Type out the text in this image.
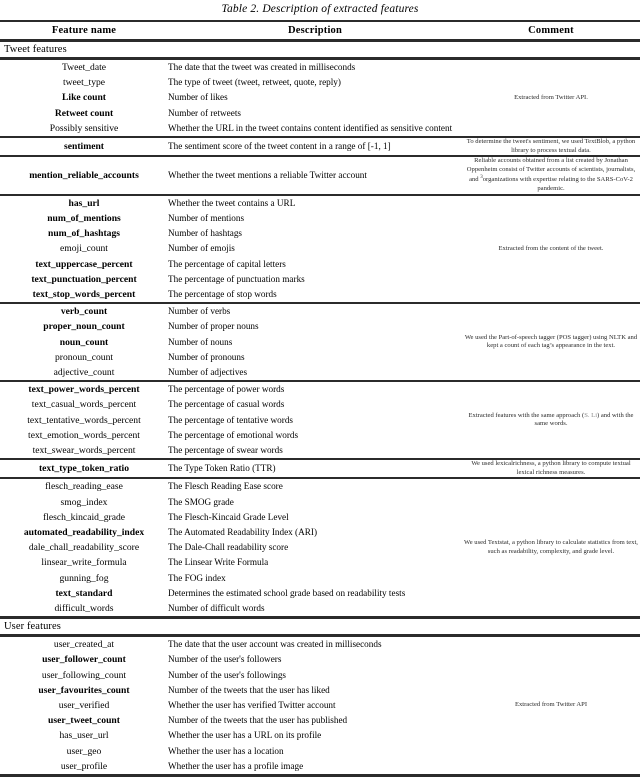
Table 2. Description of extracted features
Feature name	Description	Comment

Tweet features		

Tweet_date	The date that the tweet was created in milliseconds	Extracted from Twitter API.
tweet_type	The type of tweet (tweet, retweet, quote, reply)	
Like count	Number of likes	
Retweet count	Number of retweets	
Possibly sensitive	Whether the URL in the tweet contains content identified as sensitive content	

sentiment	The sentiment score of the tweet content in a range of [-1, 1]	To determine the tweet's sentiment, we used TextBlob, a python library to process textual data.

mention_reliable_accounts	Whether the tweet mentions a reliable Twitter account	Reliable accounts obtained from a list created by Jonathan Oppenheim consist of Twitter accounts of scientists, journalists, and $^3$organizations with expertise relating to the SARS-CoV-2 pandemic.

has_url	Whether the tweet contains a URL	Extracted from the content of the tweet.
num_of_mentions	Number of mentions	
num_of_hashtags	Number of hashtags	
emoji_count	Number of emojis	
text_uppercase_percent	The percentage of capital letters	
text_punctuation_percent	The percentage of punctuation marks	
text_stop_words_percent	The percentage of stop words	

verb_count	Number of verbs	We used the Part-of-speech tagger (POS tagger) using NLTK and kept a count of each tag’s appearance in the text.
proper_noun_count	Number of proper nouns	
noun_count	Number of nouns	
pronoun_count	Number of pronouns	
adjective_count	Number of adjectives	

text_power_words_percent	The percentage of power words	Extracted features with the same approach (S. Li) and with the same words.
text_casual_words_percent	The percentage of casual words	
text_tentative_words_percent	The percentage of tentative words	
text_emotion_words_percent	The percentage of emotional words	
text_swear_words_percent	The percentage of swear words	

text_type_token_ratio	The Type Token Ratio (TTR)	We used lexicalrichness, a python library to compute textual lexical richness measures.

flesch_reading_ease	The Flesch Reading Ease score	We used Textstat, a python library to calculate statistics from text, such as readability, complexity, and grade level.
smog_index	The SMOG grade	
flesch_kincaid_grade	The Flesch-Kincaid Grade Level	
automated_readability_index	The Automated Readability Index (ARI)	
dale_chall_readability_score	The Dale-Chall readability score	
linsear_write_formula	The Linsear Write Formula	
gunning_fog	The FOG index	
text_standard	Determines the estimated school grade based on readability tests	
difficult_words	Number of difficult words	

User features		

user_created_at	The date that the user account was created in milliseconds	Extracted from Twitter API
user_follower_count	Number of the user's followers	
user_following_count	Number of the user's followings	
user_favourites_count	Number of the tweets that the user has liked	
user_verified	Whether the user has verified Twitter account	
user_tweet_count	Number of the tweets that the user has published	
has_user_url	Whether the user has a URL on its profile	
user_geo	Whether the user has a location	
user_profile	Whether the user has a profile image	
